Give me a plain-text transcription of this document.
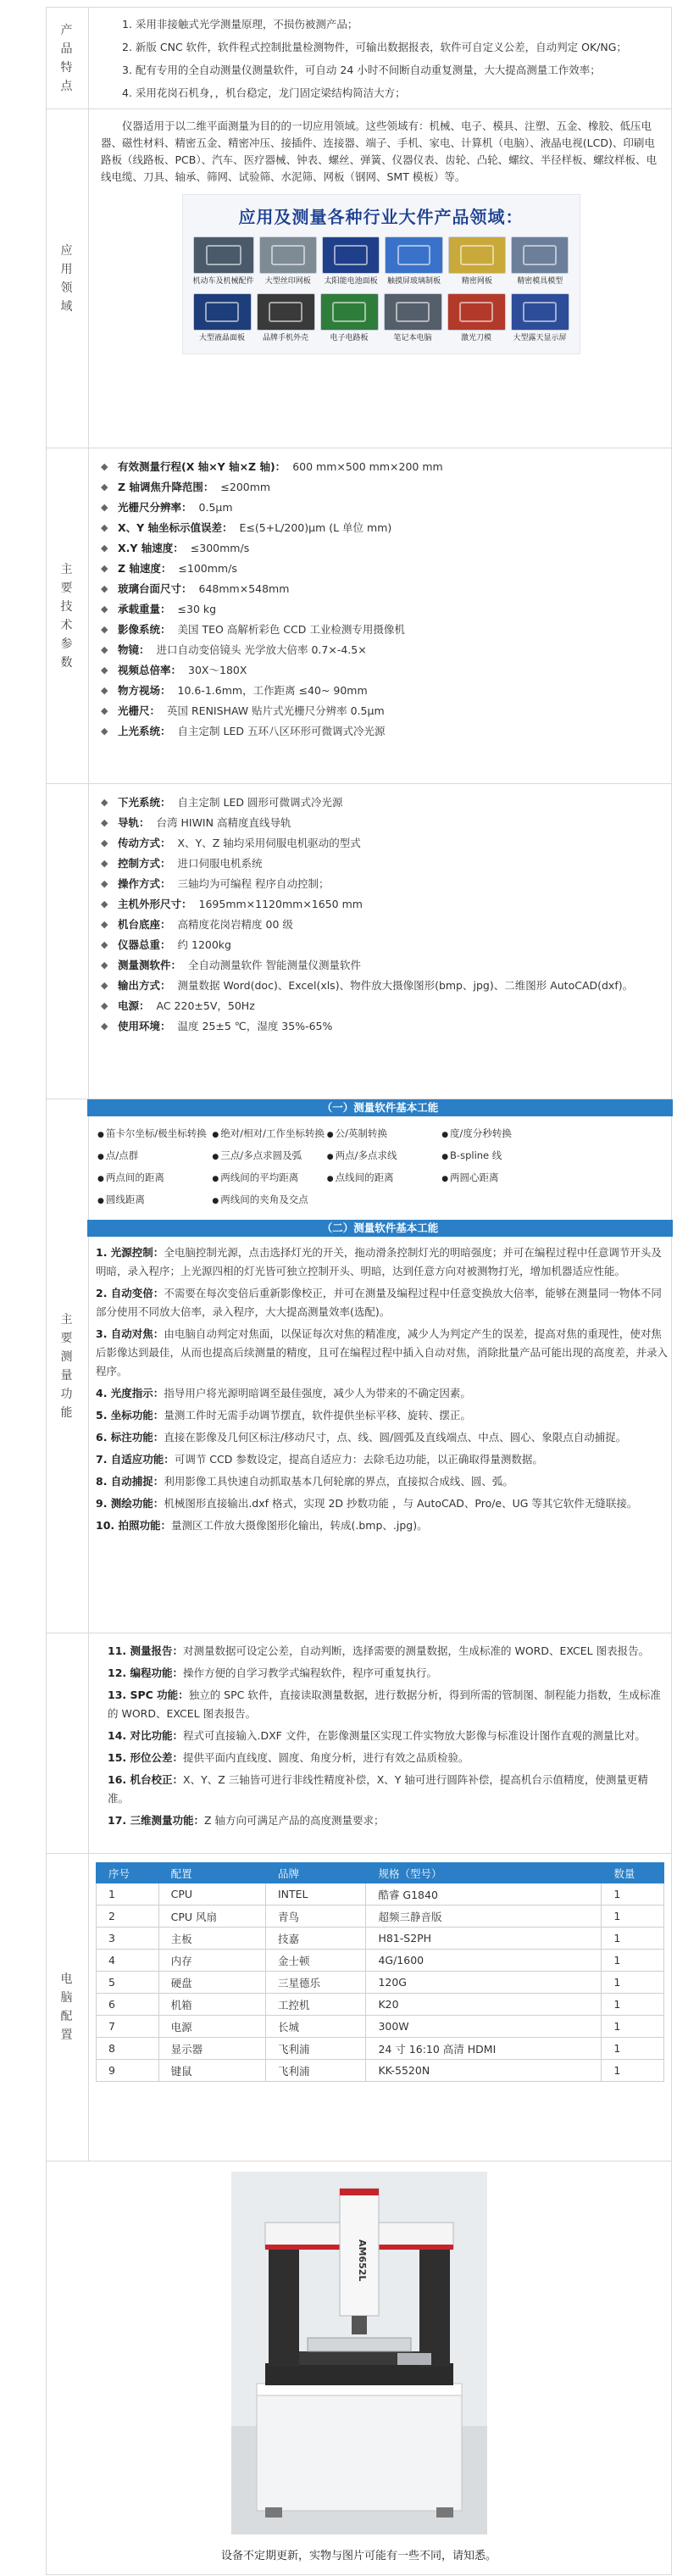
产品特点

1. 采用非接触式光学测量原理，不损伤被测产品；

2. 新版 CNC 软件，软件程式控制批量检测物件，可输出数据报表，软件可自定义公差，自动判定 OK/NG；

3. 配有专用的全自动测量仪测量软件，可自动 24 小时不间断自动重复测量，大大提高测量工作效率；

4. 采用花岗石机身，，机台稳定，龙门固定梁结构简洁大方；

应用领域

仪器适用于以二维平面测量为目的的一切应用领域。这些领域有：机械、电子、模具、注塑、五金、橡胶、低压电器、磁性材料、精密五金、精密冲压、接插件、连接器、端子、手机、家电、计算机（电脑）、液晶电视(LCD)、印刷电路板（线路板、PCB）、汽车、医疗器械、钟表、螺丝、弹簧、仪器仪表、齿轮、凸轮、螺纹、半径样板、螺纹样板、电线电缆、刀具、轴承、筛网、试验筛、水泥筛、网板（钢网、SMT 模板）等。

应用及测量各种行业大件产品领域：
机动车及机械配件	大型丝印网板	太阳能电池面板 触摸屏玻璃制板	精密网板	精密模具模型
大型液晶面板	品牌手机外壳	电子电路板	笔记本电脑	激光刀模	大型露天显示屏
主要技术参数
◆ 有效测量行程(X 轴×Y 轴×Z 轴)： 600 mm×500 mm×200 mm
◆ Z 轴调焦升降范围： ≤200mm
◆ 光栅尺分辨率： 0.5μm
◆ X、Y 轴坐标示值误差： E≤(5+L/200)μm (L 单位 mm)
◆ X.Y 轴速度： ≤300mm/s
◆ Z 轴速度： ≤100mm/s
◆ 玻璃台面尺寸： 648mm×548mm
◆ 承载重量： ≤30 kg
◆ 影像系统： 美国 TEO 高解析彩色 CCD 工业检测专用摄像机
◆ 物镜： 进口自动变倍镜头 光学放大倍率 0.7×-4.5×
◆ 视频总倍率： 30X～180X
◆ 物方视场： 10.6-1.6mm，工作距离 ≤40~ 90mm
◆ 光栅尺： 英国 RENISHAW 贴片式光栅尺分辨率 0.5μm
◆ 上光系统： 自主定制 LED 五环八区环形可微调式冷光源
◆ 下光系统： 自主定制 LED 圆形可微调式冷光源
◆ 导轨： 台湾 HIWIN 高精度直线导轨
◆ 传动方式： X、Y、Z 轴均采用伺服电机驱动的型式
◆ 控制方式： 进口伺服电机系统
◆ 操作方式： 三轴均为可编程 程序自动控制；
◆ 主机外形尺寸： 1695mm×1120mm×1650 mm
◆ 机台底座： 高精度花岗岩精度 00 级
◆ 仪器总重： 约 1200kg
◆ 测量测软件： 全自动测量软件 智能测量仪测量软件
◆ 输出方式： 测量数据 Word(doc)、Excel(xls)、物件放大摄像图形(bmp、jpg)、二维图形 AutoCAD(dxf)。
◆ 电源： AC 220±5V，50Hz
◆ 使用环境： 温度 25±5 ℃，湿度 35%-65%
主要测量功能
（一）测量软件基本工能
● 笛卡尔坐标/极坐标转换	● 绝对/相对/工作坐标转换	● 公/英制转换	● 度/度分秒转换
● 点/点群	● 三点/多点求圆及弧	● 两点/多点求线	● B-spline 线
● 两点间的距离	● 两线间的平均距离	● 点线间的距离	● 两圆心距离
● 圆线距离	● 两线间的夹角及交点
（二）测量软件基本工能

1. 光源控制：全电脑控制光源，点击选择灯光的开关，拖动滑条控制灯光的明暗强度；并可在编程过程中任意调节开头及明暗，录入程序；上光源四相的灯光皆可独立控制开头、明暗，达到任意方向对被测物打光，增加机器适应性能。

2. 自动变倍：不需要在每次变倍后重新影像校正，并可在测量及编程过程中任意变换放大倍率，能够在测量同一物体不同部分使用不同放大倍率，录入程序，大大提高测量效率(选配)。

3. 自动对焦：由电脑自动判定对焦面，以保证每次对焦的精准度，减少人为判定产生的误差，提高对焦的重现性，使对焦后影像达到最佳，从而也提高后续测量的精度，且可在编程过程中插入自动对焦，消除批量产品可能出现的高度差，并录入程序。

4. 光度指示：指导用户将光源明暗调至最佳强度，减少人为带来的不确定因素。

5. 坐标功能：量测工件时无需手动调节摆直，软件提供坐标平移、旋转、摆正。

6. 标注功能：直接在影像及几何区标注/移动尺寸，点、线、圆/圆弧及直线端点、中点、圆心、象限点自动捕捉。

7. 自适应功能：可调节 CCD 参数设定，提高自适应力：去除毛边功能，以正确取得量测数据。

8. 自动捕捉：利用影像工具快速自动抓取基本几何轮廓的界点，直接拟合成线、圆、弧。

9. 测绘功能：机械图形直接输出.dxf 格式，实现 2D 抄数功能 ，与 AutoCAD、Pro/e、UG 等其它软件无缝联接。

10. 拍照功能：量测区工件放大摄像图形化输出，转成(.bmp、.jpg)。

11. 测量报告：对测量数据可设定公差，自动判断，选择需要的测量数据，生成标准的 WORD、EXCEL 图表报告。

12. 编程功能：操作方便的自学习教学式编程软件，程序可重复执行。

13. SPC 功能：独立的 SPC 软件，直接读取测量数据，进行数据分析，得到所需的管制图、制程能力指数，生成标准的 WORD、EXCEL 图表报告。

14. 对比功能：程式可直接输入.DXF 文件，在影像测量区实现工件实物放大影像与标准设计图作直观的测量比对。

15. 形位公差：提供平面内直线度、圆度、角度分析，进行有效之品质检验。

16. 机台校正：X、Y、Z 三轴皆可进行非线性精度补偿，X、Y 轴可进行圆阵补偿，提高机台示值精度，使测量更精准。

17. 三维测量功能：Z 轴方向可满足产品的高度测量要求；

电脑配置
序号	配置	品牌	规格（型号）	数量
1	CPU	INTEL	酷睿 G1840	1
2	CPU 风扇	青鸟	超频三静音版	1
3	主板	技嘉	H81-S2PH	1
4	内存	金士顿	4G/1600	1
5	硬盘	三星德乐	120G	1
6	机箱	工控机	K20	1
7	电源	长城	300W	1
8	显示器	飞利浦	24 寸 16:10 高清 HDMI	1
9	键鼠	飞利浦	KK-5520N	1
AM652L
设备不定期更新，实物与图片可能有一些不同，请知悉。
